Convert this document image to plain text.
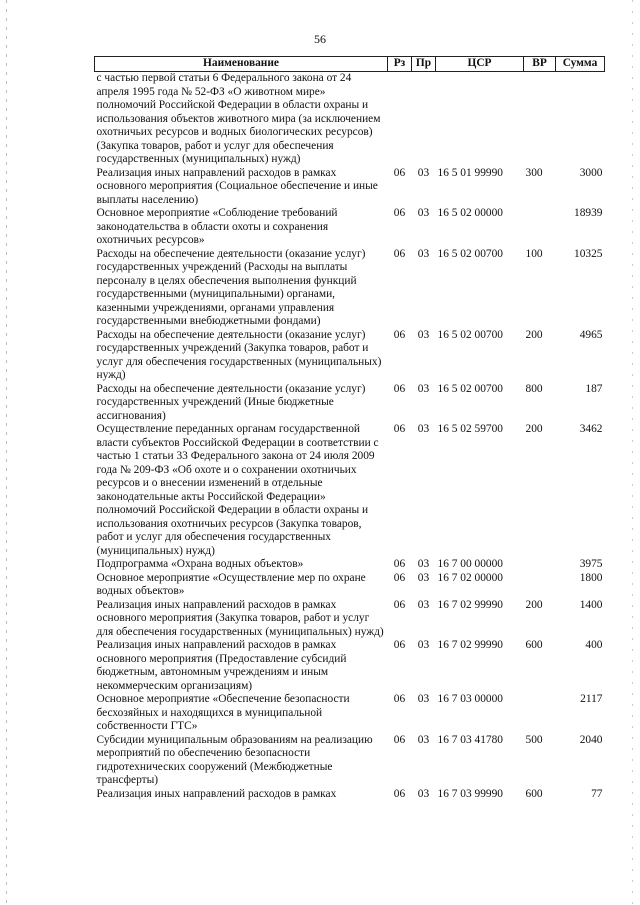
56
Наименование	Рз	Пр	ЦСР	ВР	Сумма
с частью первой статьи 6 Федерального закона от 24 апреля 1995 года № 52-ФЗ «О животном мире» полномочий Российской Федерации в области охраны и использования объектов животного мира (за исключением охотничьих ресурсов и водных биологических ресурсов) (Закупка товаров, работ и услуг для обеспечения государственных (муниципальных) нужд)					
Реализация иных направлений расходов в рамках основного мероприятия (Социальное обеспечение и иные выплаты населению)	06	03	16 5 01 99990	300	3000
Основное мероприятие «Соблюдение требований законодательства в области охоты и сохранения охотничьих ресурсов»	06	03	16 5 02 00000		18939
Расходы на обеспечение деятельности (оказание услуг) государственных учреждений (Расходы на выплаты персоналу в целях обеспечения выполнения функций государственными (муниципальными) органами, казенными учреждениями, органами управления государственными внебюджетными фондами)	06	03	16 5 02 00700	100	10325
Расходы на обеспечение деятельности (оказание услуг) государственных учреждений (Закупка товаров, работ и услуг для обеспечения государственных (муниципальных) нужд)	06	03	16 5 02 00700	200	4965
Расходы на обеспечение деятельности (оказание услуг) государственных учреждений (Иные бюджетные ассигнования)	06	03	16 5 02 00700	800	187
Осуществление переданных органам государственной власти субъектов Российской Федерации в соответствии с частью 1 статьи 33 Федерального закона от 24 июля 2009 года № 209-ФЗ «Об охоте и о сохранении охотничьих ресурсов и о внесении изменений в отдельные законодательные акты Российской Федерации» полномочий Российской Федерации в области охраны и использования охотничьих ресурсов (Закупка товаров, работ и услуг для обеспечения государственных (муниципальных) нужд)	06	03	16 5 02 59700	200	3462
Подпрограмма «Охрана водных объектов»	06	03	16 7 00 00000		3975
Основное мероприятие «Осуществление мер по охране водных объектов»	06	03	16 7 02 00000		1800
Реализация иных направлений расходов в рамках основного мероприятия (Закупка товаров, работ и услуг для обеспечения государственных (муниципальных) нужд)	06	03	16 7 02 99990	200	1400
Реализация иных направлений расходов в рамках основного мероприятия (Предоставление субсидий бюджетным, автономным учреждениям и иным некоммерческим организациям)	06	03	16 7 02 99990	600	400
Основное мероприятие «Обеспечение безопасности бесхозяйных и находящихся в муниципальной собственности ГТС»	06	03	16 7 03 00000		2117
Субсидии муниципальным образованиям на реализацию мероприятий по обеспечению безопасности гидротехнических сооружений (Межбюджетные трансферты)	06	03	16 7 03 41780	500	2040
Реализация иных направлений расходов в рамках	06	03	16 7 03 99990	600	77
